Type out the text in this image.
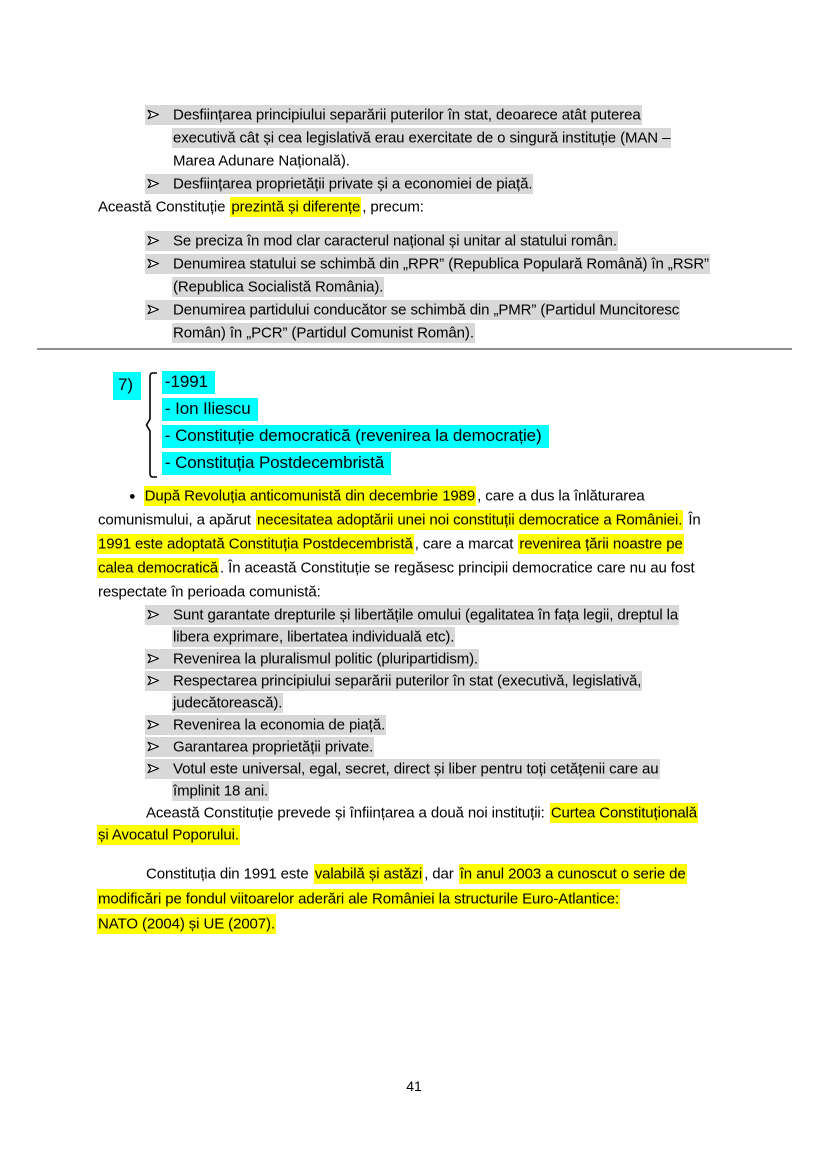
Desființarea principiului separării puterilor în stat, deoarece atât puterea
executivă cât și cea legislativă erau exercitate de o singură instituție (MAN –
Marea Adunare Națională).
Desființarea proprietății private și a economiei de piață.
Această Constituție prezintă și diferențe , precum:
Se preciza în mod clar caracterul național și unitar al statului român.
Denumirea statului se schimbă din „RPR” (Republica Populară Română) în „RSR”
(Republica Socialistă România).
Denumirea partidului conducător se schimbă din „PMR” (Partidul Muncitoresc
Român) în „PCR” (Partidul Comunist Român).
7)	-1991
- Ion Iliescu
- Constituție democratică (revenirea la democrație)
- Constituția Postdecembristă
● După Revoluția anticomunistă din decembrie 1989 , care a dus la înlăturarea
comunismului, a apărut necesitatea adoptării unei noi constituții democratice a României. În
1991 este adoptată Constituția Postdecembristă , care a marcat revenirea țării noastre pe
calea democratică . În această Constituție se regăsesc principii democratice care nu au fost
respectate în perioada comunistă:
Sunt garantate drepturile și libertățile omului (egalitatea în fața legii, dreptul la
libera exprimare, libertatea individuală etc).
Revenirea la pluralismul politic (pluripartidism).
Respectarea principiului separării puterilor în stat (executivă, legislativă,
judecătorească).
Revenirea la economia de piață.
Garantarea proprietății private.
Votul este universal, egal, secret, direct și liber pentru toți cetățenii care au
împlinit 18 ani.
Această Constituție prevede și înființarea a două noi instituții: Curtea Constituțională
și Avocatul Poporului.
Constituția din 1991 este valabilă și astăzi , dar în anul 2003 a cunoscut o serie de
modificări pe fondul viitoarelor aderări ale României la structurile Euro-Atlantice:
NATO (2004) și UE (2007).
41
